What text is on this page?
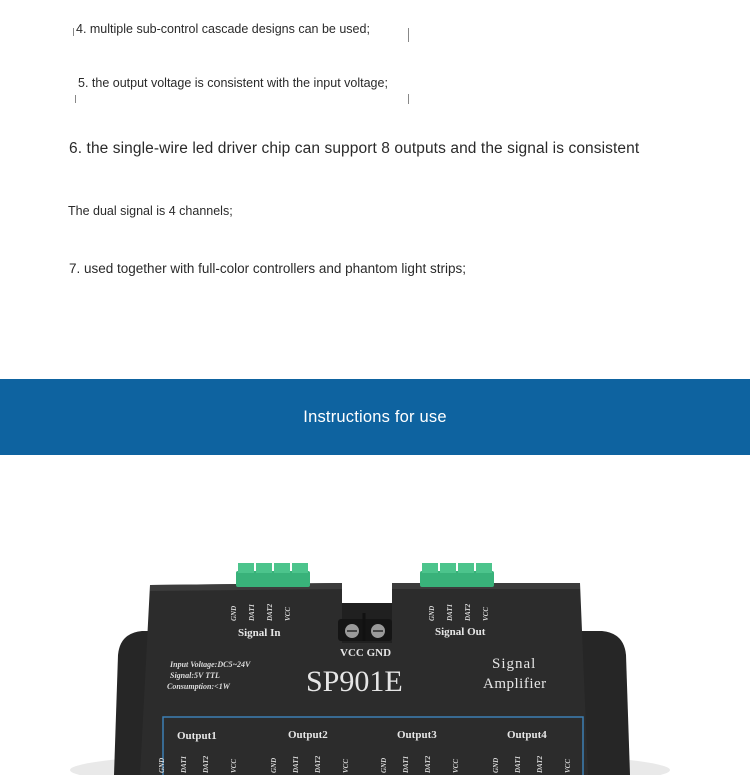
4. multiple sub-control cascade designs can be used;

5. the output voltage is consistent with the input voltage;

6. the single-wire led driver chip can support 8 outputs and the signal is consistent

The dual signal is 4 channels;

7. used together with full-color controllers and phantom light strips;

Instructions for use
GND DAT1 DAT2 VCC	GND DAT1 DAT2 VCC
Signal In	Signal Out
VCC GND
Input Voltage:DC5~24V
Signal:5V TTL
Consumption:<1W	SP901E
Signal
Amplifier
Output1	Output2	Output3	Output4
GND DAT1 DAT2	VCC	GND DAT1 DAT2	VCC	GND DAT1 DAT2	VCC	GND DAT1 DAT2	VCC
